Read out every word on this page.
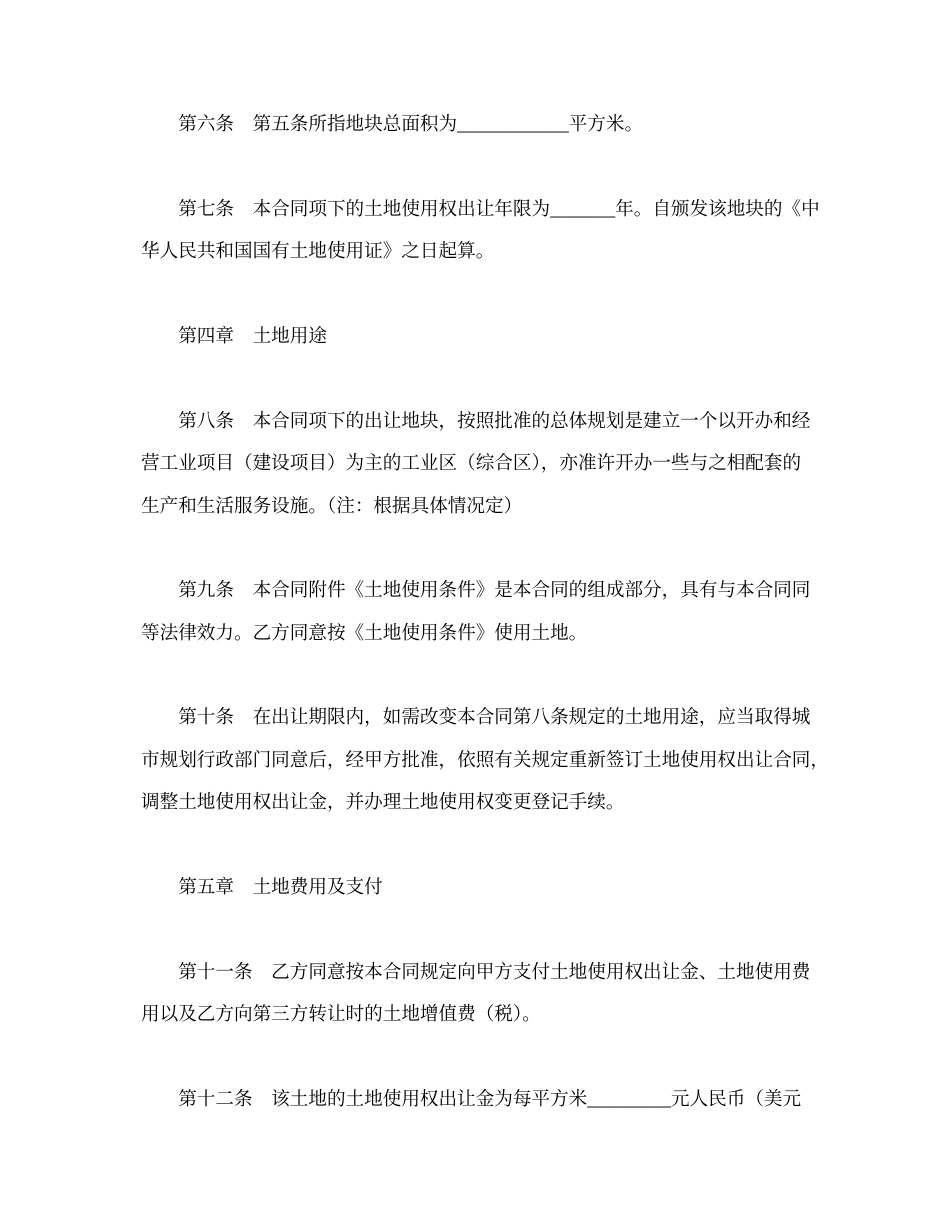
第六条　第五条所指地块总面积为____________平方米。
第七条　本合同项下的土地使用权出让年限为_______年。自颁发该地块的《中
华人民共和国国有土地使用证》之日起算。
第四章　土地用途
第八条　本合同项下的出让地块，按照批准的总体规划是建立一个以开办和经
营工业项目（建设项目）为主的工业区（综合区），亦准许开办一些与之相配套的
生产和生活服务设施。（注：根据具体情况定）
第九条　本合同附件《土地使用条件》是本合同的组成部分，具有与本合同同
等法律效力。乙方同意按《土地使用条件》使用土地。
第十条　在出让期限内，如需改变本合同第八条规定的土地用途，应当取得城
市规划行政部门同意后，经甲方批准，依照有关规定重新签订土地使用权出让合同，
调整土地使用权出让金，并办理土地使用权变更登记手续。
第五章　土地费用及支付
第十一条　乙方同意按本合同规定向甲方支付土地使用权出让金、土地使用费
用以及乙方向第三方转让时的土地增值费（税）。
第十二条　该土地的土地使用权出让金为每平方米_________元人民币（美元
